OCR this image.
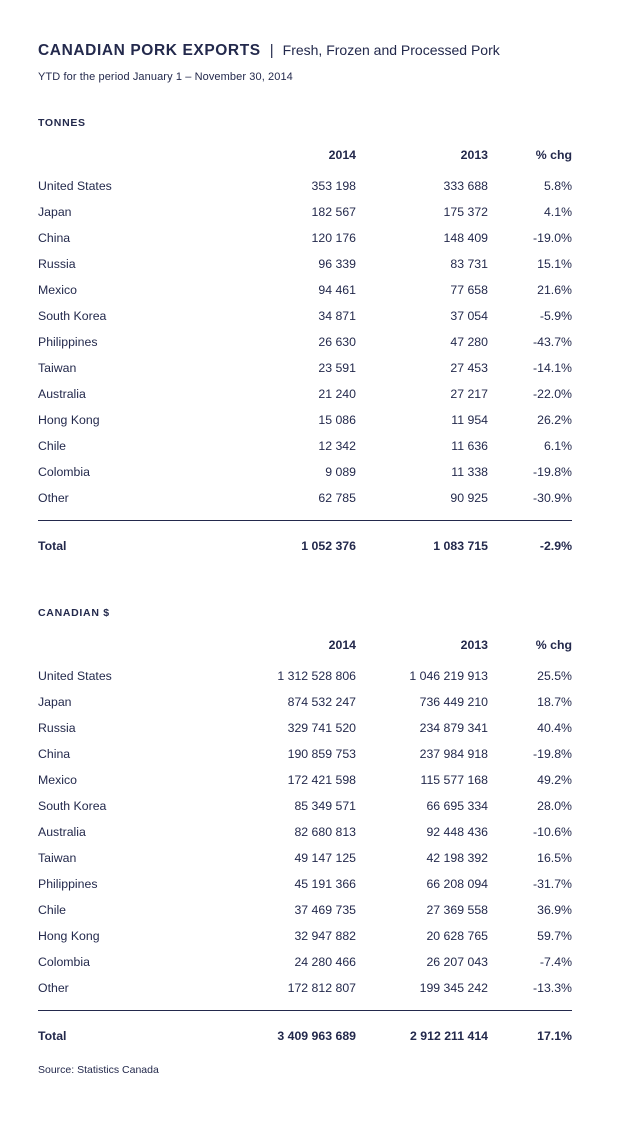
CANADIAN PORK EXPORTS | Fresh, Frozen and Processed Pork
YTD for the period January 1 – November 30, 2014
TONNES
	2014	2013	% chg
United States	353 198	333 688	5.8%
Japan	182 567	175 372	4.1%
China	120 176	148 409	-19.0%
Russia	96 339	83 731	15.1%
Mexico	94 461	77 658	21.6%
South Korea	34 871	37 054	-5.9%
Philippines	26 630	47 280	-43.7%
Taiwan	23 591	27 453	-14.1%
Australia	21 240	27 217	-22.0%
Hong Kong	15 086	11 954	26.2%
Chile	12 342	11 636	6.1%
Colombia	9 089	11 338	-19.8%
Other	62 785	90 925	-30.9%

Total	1 052 376	1 083 715	-2.9%
CANADIAN $
	2014	2013	% chg
United States	1 312 528 806	1 046 219 913	25.5%
Japan	874 532 247	736 449 210	18.7%
Russia	329 741 520	234 879 341	40.4%
China	190 859 753	237 984 918	-19.8%
Mexico	172 421 598	115 577 168	49.2%
South Korea	85 349 571	66 695 334	28.0%
Australia	82 680 813	92 448 436	-10.6%
Taiwan	49 147 125	42 198 392	16.5%
Philippines	45 191 366	66 208 094	-31.7%
Chile	37 469 735	27 369 558	36.9%
Hong Kong	32 947 882	20 628 765	59.7%
Colombia	24 280 466	26 207 043	-7.4%
Other	172 812 807	199 345 242	-13.3%

Total	3 409 963 689	2 912 211 414	17.1%
Source: Statistics Canada
